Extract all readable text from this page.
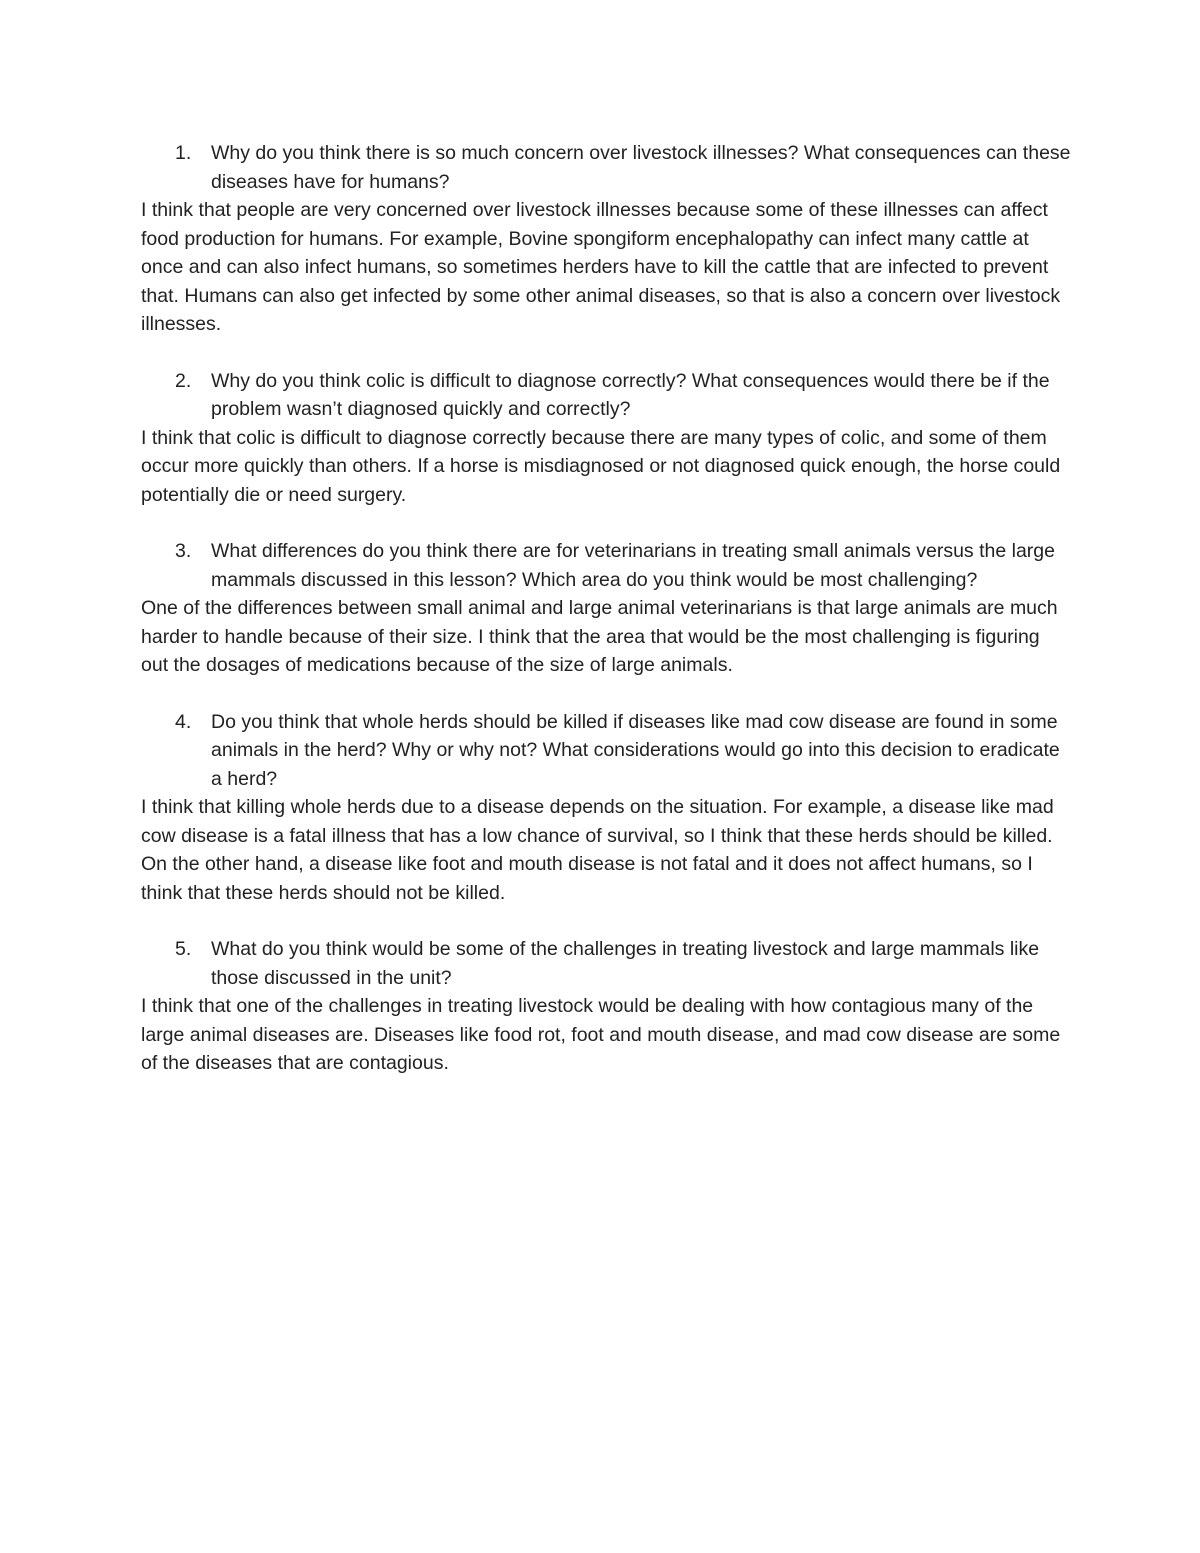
1. Why do you think there is so much concern over livestock illnesses? What consequences can these diseases have for humans?

I think that people are very concerned over livestock illnesses because some of these illnesses can affect food production for humans. For example, Bovine spongiform encephalopathy can infect many cattle at once and can also infect humans, so sometimes herders have to kill the cattle that are infected to prevent that. Humans can also get infected by some other animal diseases, so that is also a concern over livestock illnesses.

2. Why do you think colic is difficult to diagnose correctly? What consequences would there be if the problem wasn’t diagnosed quickly and correctly?

I think that colic is difficult to diagnose correctly because there are many types of colic, and some of them occur more quickly than others. If a horse is misdiagnosed or not diagnosed quick enough, the horse could potentially die or need surgery.

3. What differences do you think there are for veterinarians in treating small animals versus the large mammals discussed in this lesson? Which area do you think would be most challenging?

One of the differences between small animal and large animal veterinarians is that large animals are much harder to handle because of their size. I think that the area that would be the most challenging is figuring out the dosages of medications because of the size of large animals.

4. Do you think that whole herds should be killed if diseases like mad cow disease are found in some animals in the herd? Why or why not? What considerations would go into this decision to eradicate a herd?

I think that killing whole herds due to a disease depends on the situation. For example, a disease like mad cow disease is a fatal illness that has a low chance of survival, so I think that these herds should be killed. On the other hand, a disease like foot and mouth disease is not fatal and it does not affect humans, so I think that these herds should not be killed.

5. What do you think would be some of the challenges in treating livestock and large mammals like those discussed in the unit?

I think that one of the challenges in treating livestock would be dealing with how contagious many of the large animal diseases are. Diseases like food rot, foot and mouth disease, and mad cow disease are some of the diseases that are contagious.
